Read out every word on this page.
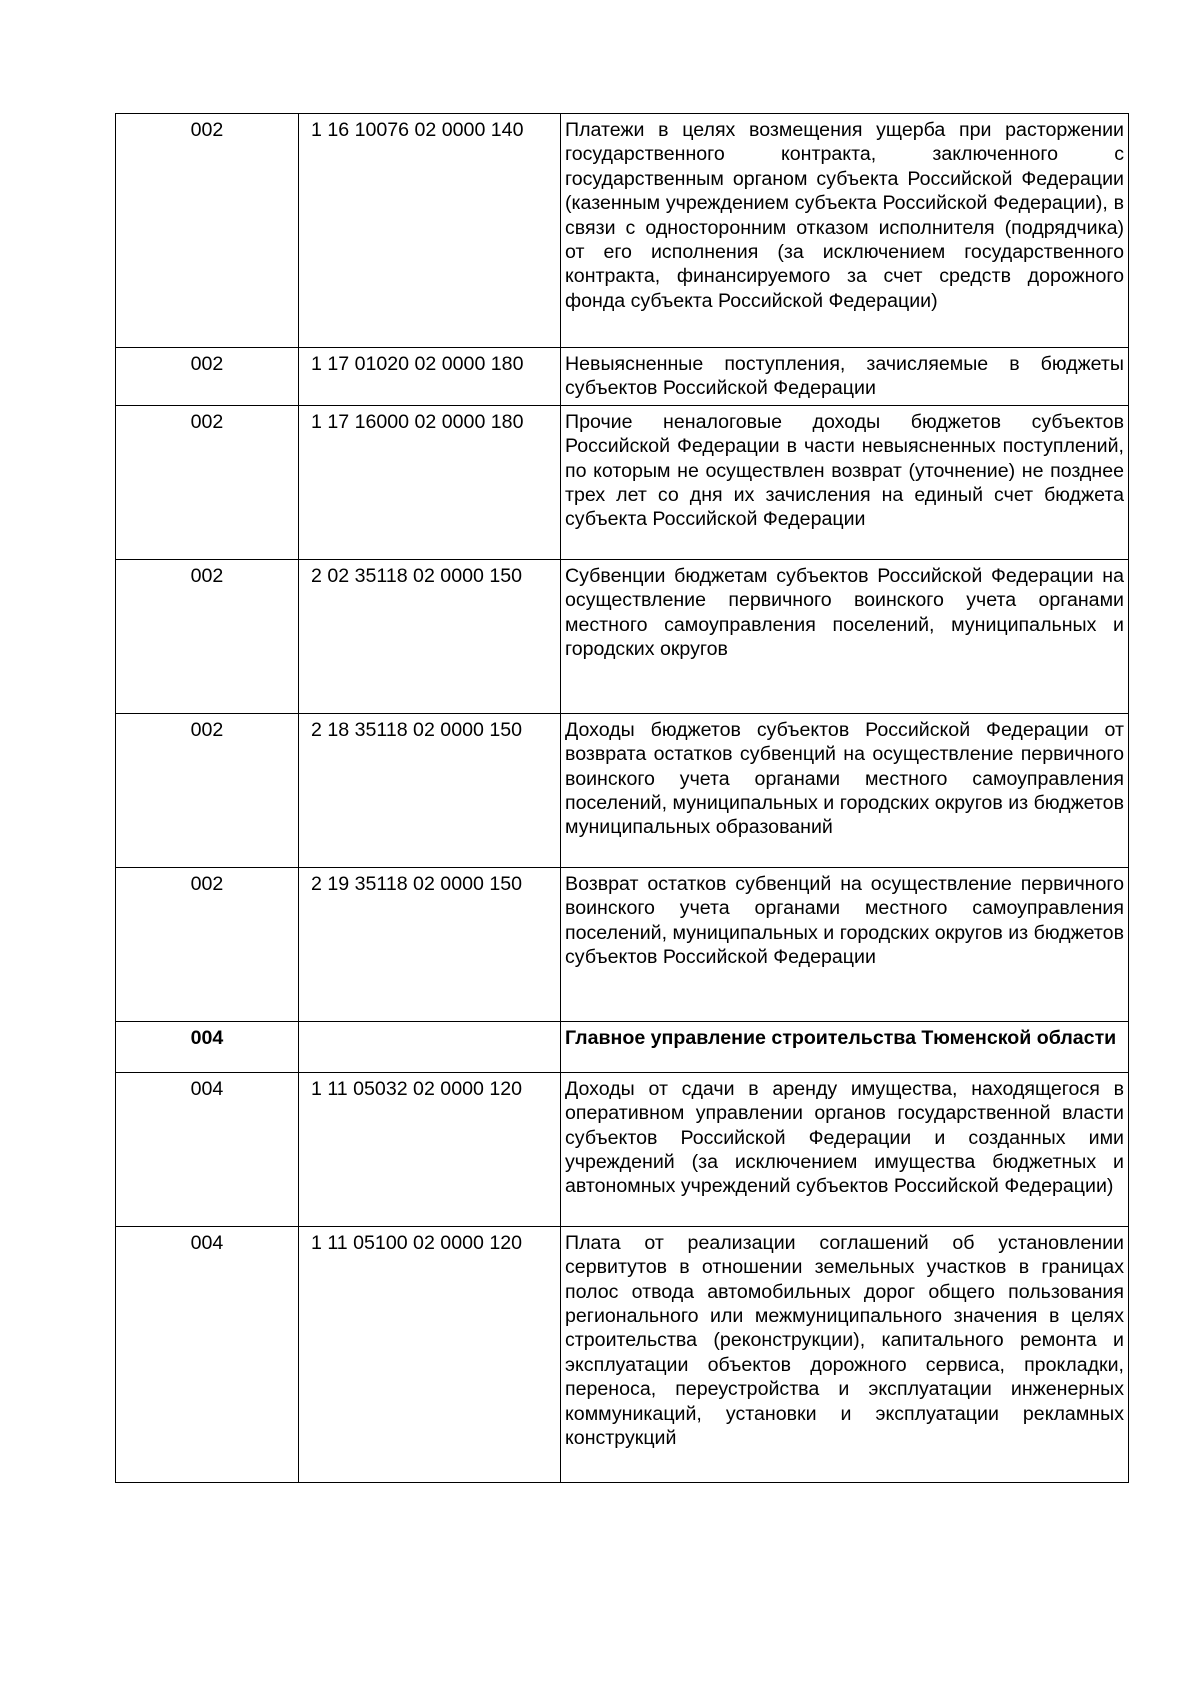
002	1 16 10076 02 0000 140	Платежи в целях возмещения ущерба при расторжении государственного контракта, заключенного с государственным органом субъекта Российской Федерации (казенным учреждением субъекта Российской Федерации), в связи с односторонним отказом исполнителя (подрядчика) от его исполнения (за исключением государственного контракта, финансируемого за счет средств дорожного фонда субъекта Российской Федерации)
002	1 17 01020 02 0000 180	Невыясненные поступления, зачисляемые в бюджеты субъектов Российской Федерации
002	1 17 16000 02 0000 180	Прочие неналоговые доходы бюджетов субъектов Российской Федерации в части невыясненных поступлений, по которым не осуществлен возврат (уточнение) не позднее трех лет со дня их зачисления на единый счет бюджета субъекта Российской Федерации
002	2 02 35118 02 0000 150	Субвенции бюджетам субъектов Российской Федерации на осуществление первичного воинского учета органами местного самоуправления поселений, муниципальных и городских округов
002	2 18 35118 02 0000 150	Доходы бюджетов субъектов Российской Федерации от возврата остатков субвенций на осуществление первичного воинского учета органами местного самоуправления поселений, муниципальных и городских округов из бюджетов муниципальных образований
002	2 19 35118 02 0000 150	Возврат остатков субвенций на осуществление первичного воинского учета органами местного самоуправления поселений, муниципальных и городских округов из бюджетов субъектов Российской Федерации
004		Главное управление строительства Тюменской области
004	1 11 05032 02 0000 120	Доходы от сдачи в аренду имущества, находящегося в оперативном управлении органов государственной власти субъектов Российской Федерации и созданных ими учреждений (за исключением имущества бюджетных и автономных учреждений субъектов Российской Федерации)
004	1 11 05100 02 0000 120	Плата от реализации соглашений об установлении сервитутов в отношении земельных участков в границах полос отвода автомобильных дорог общего пользования регионального или межмуниципального значения в целях строительства (реконструкции), капитального ремонта и эксплуатации объектов дорожного сервиса, прокладки, переноса, переустройства и эксплуатации инженерных коммуникаций, установки и эксплуатации рекламных конструкций
